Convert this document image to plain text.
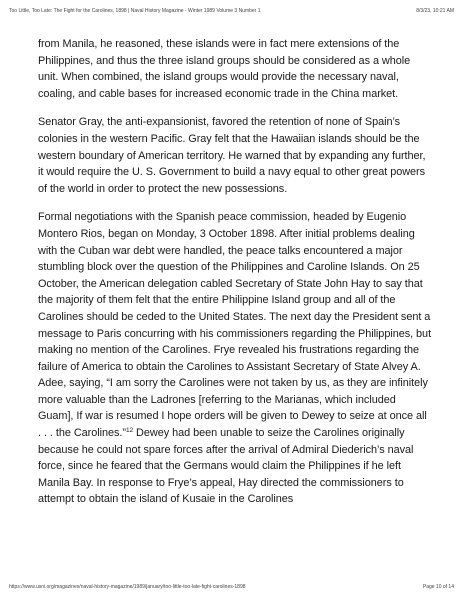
Too Little, Too Late: The Fight for the Carolines, 1898 | Naval History Magazine - Winter 1989 Volume 3 Number 1	8/3/23, 10:21 AM

from Manila, he reasoned, these islands were in fact mere extensions of the Philippines, and thus the three island groups should be considered as a whole unit. When combined, the island groups would provide the necessary naval, coaling, and cable bases for increased economic trade in the China market.

Senator Gray, the anti-expansionist, favored the retention of none of Spain’s colonies in the western Pacific. Gray felt that the Hawaiian islands should be the western boundary of American territory. He warned that by expanding any further, it would require the U. S. Government to build a navy equal to other great powers of the world in order to protect the new possessions.

Formal negotiations with the Spanish peace commission, headed by Eugenio Montero Rios, began on Monday, 3 October 1898. After initial problems dealing with the Cuban war debt were handled, the peace talks encountered a major stumbling block over the question of the Philippines and Caroline Islands. On 25 October, the American delegation cabled Secretary of State John Hay to say that the majority of them felt that the entire Philippine Island group and all of the Carolines should be ceded to the United States. The next day the President sent a message to Paris concurring with his commissioners regarding the Philippines, but making no mention of the Carolines. Frye revealed his frustrations regarding the failure of America to obtain the Carolines to Assistant Secretary of State Alvey A. Adee, saying, “I am sorry the Carolines were not taken by us, as they are infinitely more valuable than the Ladrones [referring to the Marianas, which included Guam], If war is resumed I hope orders will be given to Dewey to seize at once all . . . the Carolines.”$^{12}$ Dewey had been unable to seize the Carolines originally because he could not spare forces after the arrival of Admiral Diederich’s naval force, since he feared that the Germans would claim the Philippines if he left Manila Bay. In response to Frye’s appeal, Hay directed the commissioners to attempt to obtain the island of Kusaie in the Carolines

https://www.usni.org/magazines/naval-history-magazine/1989/january/too-little-too-late-fight-carolines-1898	Page 10 of 14
